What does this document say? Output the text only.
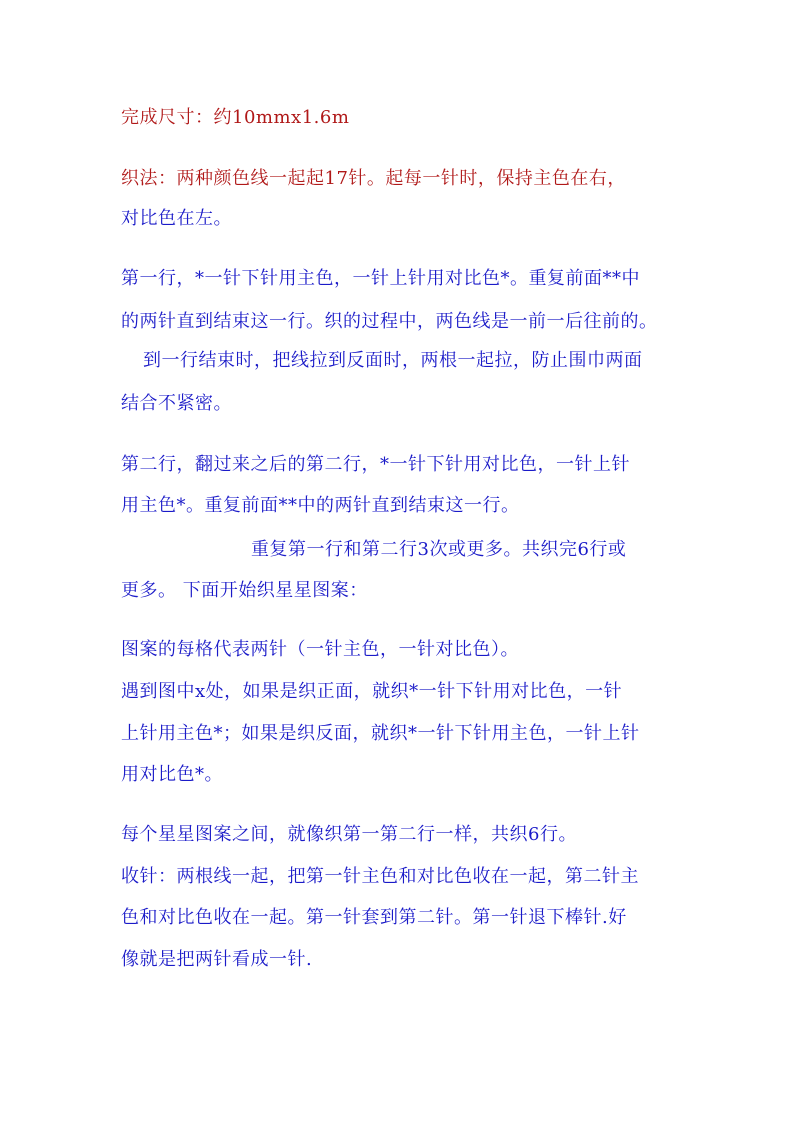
完成尺寸：约10mmx1.6m
织法：两种颜色线一起起17针。起每一针时，保持主色在右，
对比色在左。
第一行，*一针下针用主色，一针上针用对比色*。重复前面**中
的两针直到结束这一行。织的过程中，两色线是一前一后往前的。
到一行结束时，把线拉到反面时，两根一起拉，防止围巾两面
结合不紧密。
第二行，翻过来之后的第二行，*一针下针用对比色，一针上针
用主色*。重复前面**中的两针直到结束这一行。
重复第一行和第二行3次或更多。共织完6行或
更多。 下面开始织星星图案：
图案的每格代表两针（一针主色，一针对比色）。
遇到图中x处，如果是织正面，就织*一针下针用对比色，一针
上针用主色*；如果是织反面，就织*一针下针用主色，一针上针
用对比色*。
每个星星图案之间，就像织第一第二行一样，共织6行。
收针：两根线一起，把第一针主色和对比色收在一起，第二针主
色和对比色收在一起。第一针套到第二针。第一针退下棒针.好
像就是把两针看成一针.
